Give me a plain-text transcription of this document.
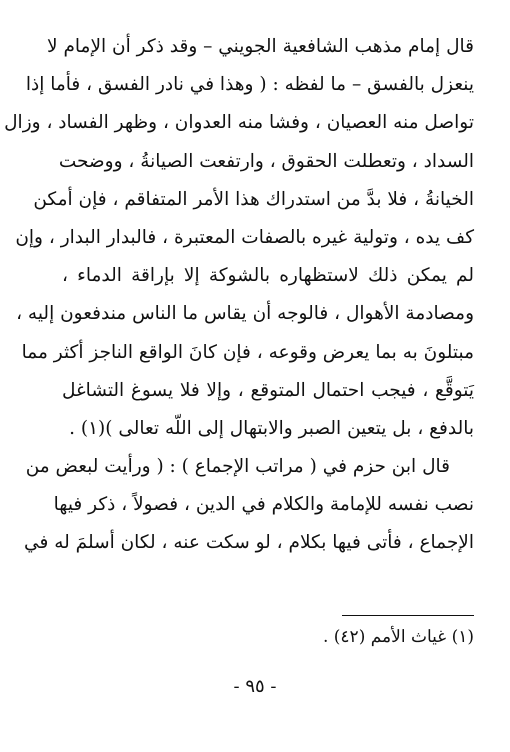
قال إمام مذهب الشافعية الجويني – وقد ذكر أن الإمام لا
ينعزل بالفسق – ما لفظه : ( وهذا في نادر الفسق ، فأما إذا
تواصل منه العصيان ، وفشا منه العدوان ، وظهر الفساد ، وزال
السداد ، وتعطلت الحقوق ، وارتفعت الصيانةُ ، ووضحت
الخيانةُ ، فلا بدَّ من استدراك هذا الأمر المتفاقم ، فإن أمكن
كف يده ، وتولية غيره بالصفات المعتبرة ، فالبدار البدار ، وإن
لم يمكن ذلك لاستظهاره بالشوكة إلا بإراقة الدماء ،
ومصادمة الأهوال ، فالوجه أن يقاس ما الناس مندفعون إليه ،
مبتلونَ به بما يعرض وقوعه ، فإن كانَ الواقع الناجز أكثر مما
يَتوقَّع ، فيجب احتمال المتوقع ، وإلا فلا يسوغ التشاغل
بالدفع ، بل يتعين الصبر والابتهال إلى اللّه تعالى )(١) .
قال ابن حزم في ( مراتب الإجماع ) : ( ورأيت لبعض من
نصب نفسه للإمامة والكلام في الدين ، فصولاً ، ذكر فيها
الإجماع ، فأتى فيها بكلام ، لو سكت عنه ، لكان أسلمَ له في
(١) غياث الأمم (٤٢) .
- ٩٥ -
